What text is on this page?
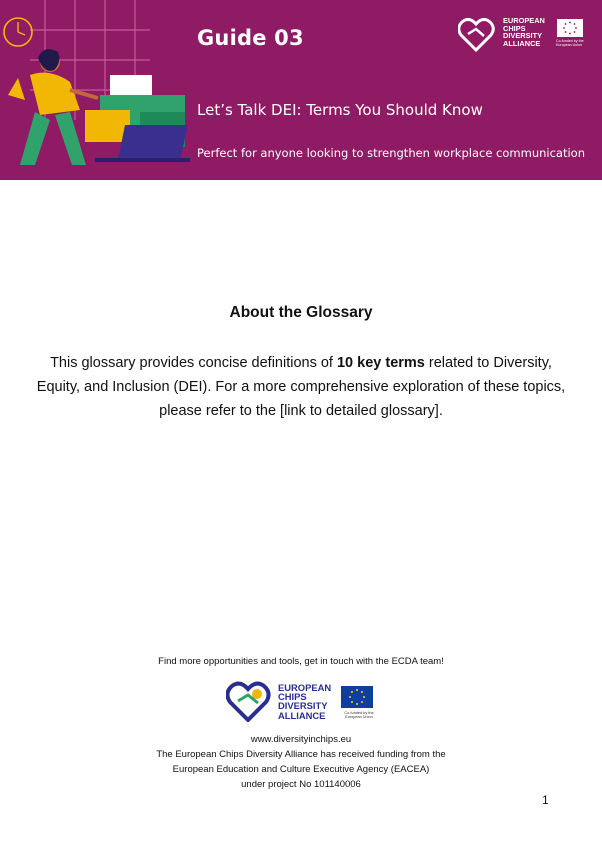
Guide 03
Let’s Talk DEI: Terms You Should Know
Perfect for anyone looking to strengthen workplace communication
EUROPEAN
CHIPS
DIVERSITY
ALLIANCE	Co-funded by the European Union
About the Glossary
This glossary provides concise definitions of 10 key terms related to Diversity, Equity, and Inclusion (DEI). For a more comprehensive exploration of these topics, please refer to the [link to detailed glossary].
Find more opportunities and tools, get in touch with the ECDA team!
EUROPEAN
CHIPS
DIVERSITY
ALLIANCE	Co-funded by the European Union
www.diversityinchips.eu
The European Chips Diversity Alliance has received funding from the
European Education and Culture Executive Agency (EACEA)
under project No 101140006
1
